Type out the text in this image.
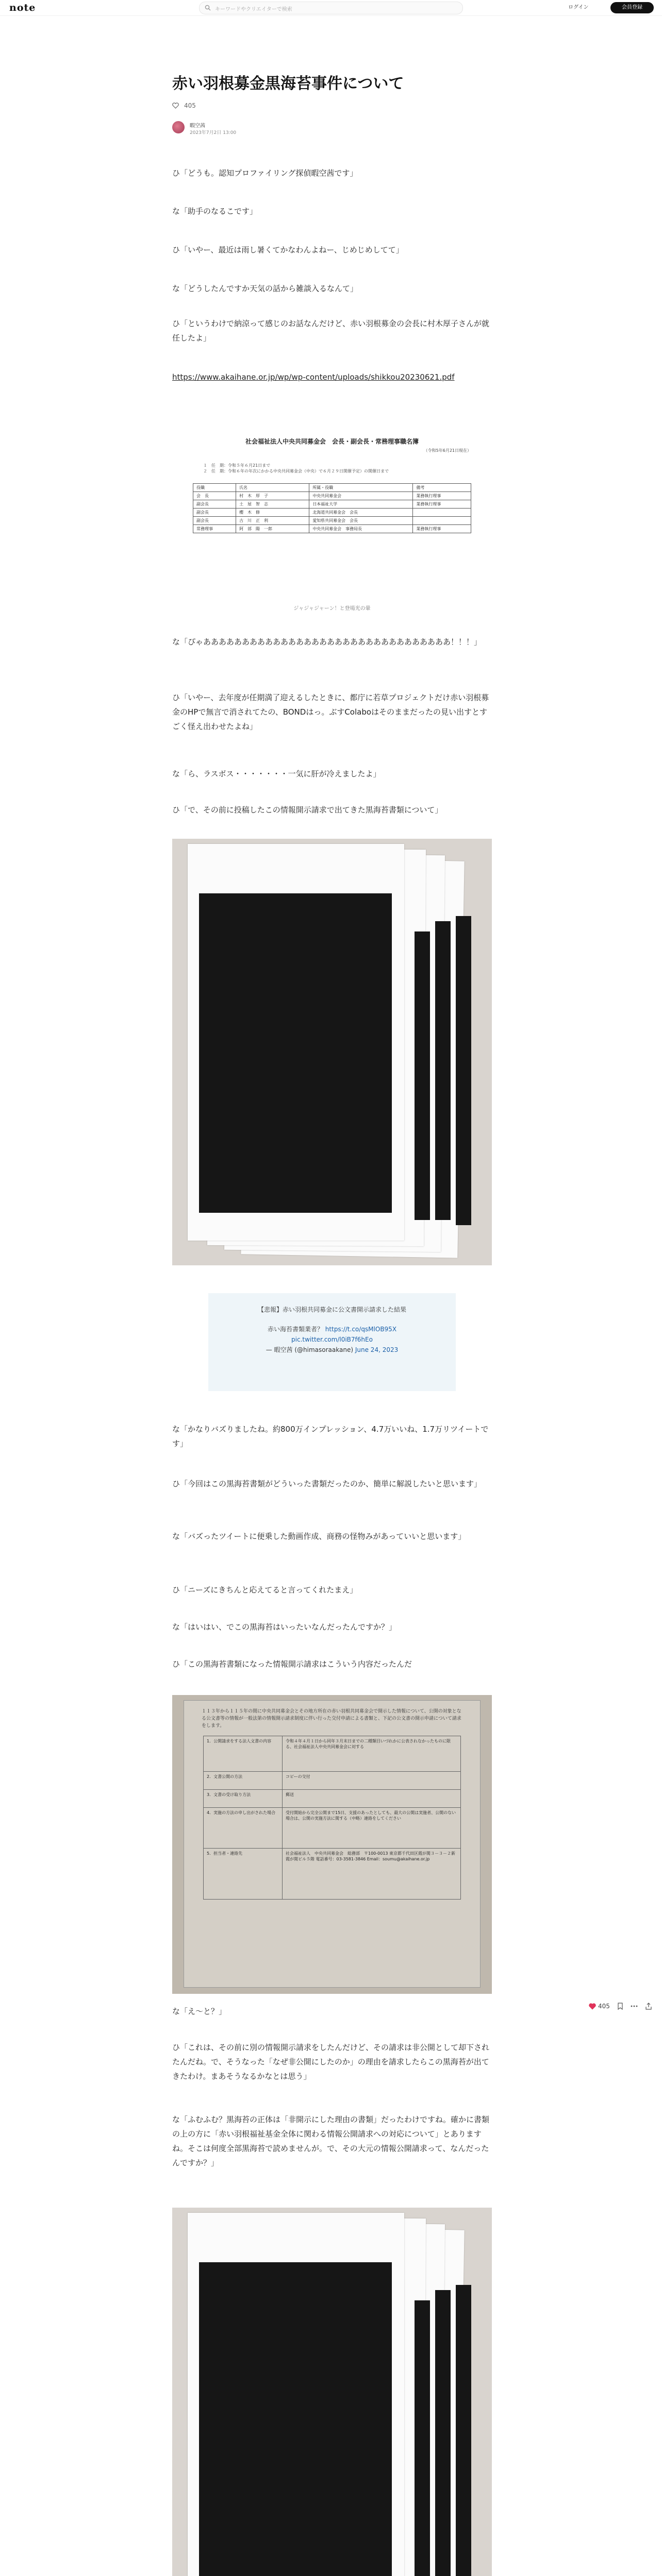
note	キーワードやクリエイターで検索	ログイン	会員登録
赤い羽根募金黒海苔事件について
405
暇空茜
2023年7月2日 13:00

ひ「どうも。認知プロファイリング探偵暇空茜です」

な「助手のなるこです」

ひ「いやー、最近は雨し暑くてかなわんよねー、じめじめしてて」

な「どうしたんですか天気の話から雑談入るなんて」

ひ「というわけで納涼って感じのお話なんだけど、赤い羽根募金の会長に村木厚子さんが就任したよ」

https://www.akaihane.or.jp/wp/wp-content/uploads/shikkou20230621.pdf

社会福祉法人中央共同募金会　会長・副会長・常務理事職名簿
（令和5年6月21日現在）
１　任　期：令和５年６月21日まで
２　任　期：令和６年の年次にかかる中央共同募金会（中央）で６月２９日開催予定）の開催日まで
役職	氏名	所属・役職	備考
会　長	村　木　厚　子	中央共同募金会	業務執行理事
副会長	土　屋　智　志	日本福祉大学	業務執行理事
副会長	櫻　木　修	北海道共同募金会　会長	
副会長	古　川　正　利	愛知県共同募金会　会長	
常務理事	阿　部　陽　一郎	中央共同募金会　事務局長	業務執行理事
ジャジャジャーン！と登場光の暈

な「ぴゃああああああああああああああああああああああああああああああああ！！！」

ひ「いやー、去年度が任期満了迎えるしたときに、都庁に若草プロジェクトだけ赤い羽根募金のHPで無言で消されてたの、BONDはっ。ぶすColaboはそのままだったの見い出すとすごく怪え出わせたよね」

な「ら、ラスボス・・・・・・・一気に肝が冷えましたよ」

ひ「で、その前に投稿したこの情報開示請求で出てきた黒海苔書類について」

【悲報】赤い羽根共同募金に公文書開示請求した結果
赤い海苔書類業者？ https://t.co/qsMlOB95X
pic.twitter.com/l0iB7f6hEo
— 暇空茜 (@himasoraakane) June 24, 2023

な「かなりバズりましたね。約800万インプレッション、4.7万いいね、1.7万リツイートです」

ひ「今回はこの黒海苔書類がどういった書類だったのか、簡単に解説したいと思います」

な「バズったツイートに便乗した動画作成、商務の怪物みがあっていいと思います」

ひ「ニーズにきちんと応えてると言ってくれたまえ」

な「はいはい、でこの黒海苔はいったいなんだったんですか？」

ひ「この黒海苔書類になった情報開示請求はこういう内容だったんだ

１１３年から１１５年の間に中央共同募金会とその地方所在の赤い羽根共同募金会で開示した情報について、公開の対象となる公文書等の情報が一般法第の情報開示請求制度に伴い行った交付申請による書類と、下記の公文書の開示申請について請求をします。
1．公開請求をする法人文書の内容	令和４年４月１日から同年３月末日までの二種類目いづれかに公表されなかったものに限る、社会福祉法人中央共同募金会に対する
2．文書公開の方法	コピーの交付
3．文書の受け取り方法	郵送
4．実施の方法の申し出がされた場合	受付開始から完全公開まで15日、支援のあったとしても、最大の公開は実施者、公開のない場合は、公開の実施方法に関する（中略）連絡をしてください
5．担当者・連絡先	社会福祉法人　中央共同募金会　総務部　〒100-0013 東京都千代田区霞が関３－３－２新霞が関ビル５階 電話番号：03-3581-3846 Email：soumu@akaihane.or.jp

な「え～と？」

ひ「これは、その前に別の情報開示請求をしたんだけど、その請求は非公開として却下されたんだね。で、そうなった「なぜ非公開にしたのか」の理由を請求したらこの黒海苔が出てきたわけ。まあそうなるかなとは思う」

な「ふむふむ？黒海苔の正体は「非開示にした理由の書類」だったわけですね。確かに書類の上の方に「赤い羽根福祉基金全体に関わる情報公開請求への対応について」とありますね。そこは何度全部黒海苔で読めませんが。で、その大元の情報公開請求って、なんだったんですか？」

405
